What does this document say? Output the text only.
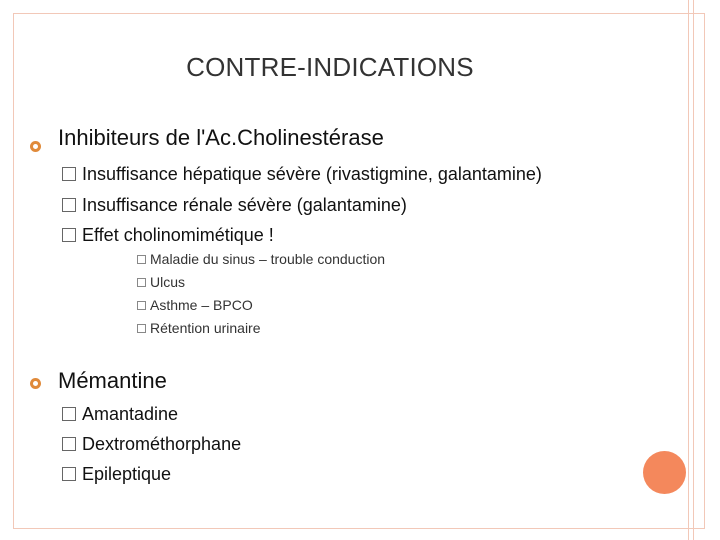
CONTRE-INDICATIONS
Inhibiteurs de l'Ac.Cholinestérase
Insuffisance hépatique sévère (rivastigmine, galantamine)
Insuffisance rénale sévère (galantamine)
Effet cholinomimétique !
Maladie du sinus – trouble conduction
Ulcus
Asthme – BPCO
Rétention urinaire
Mémantine
Amantadine
Dextrométhorphane
Epileptique
